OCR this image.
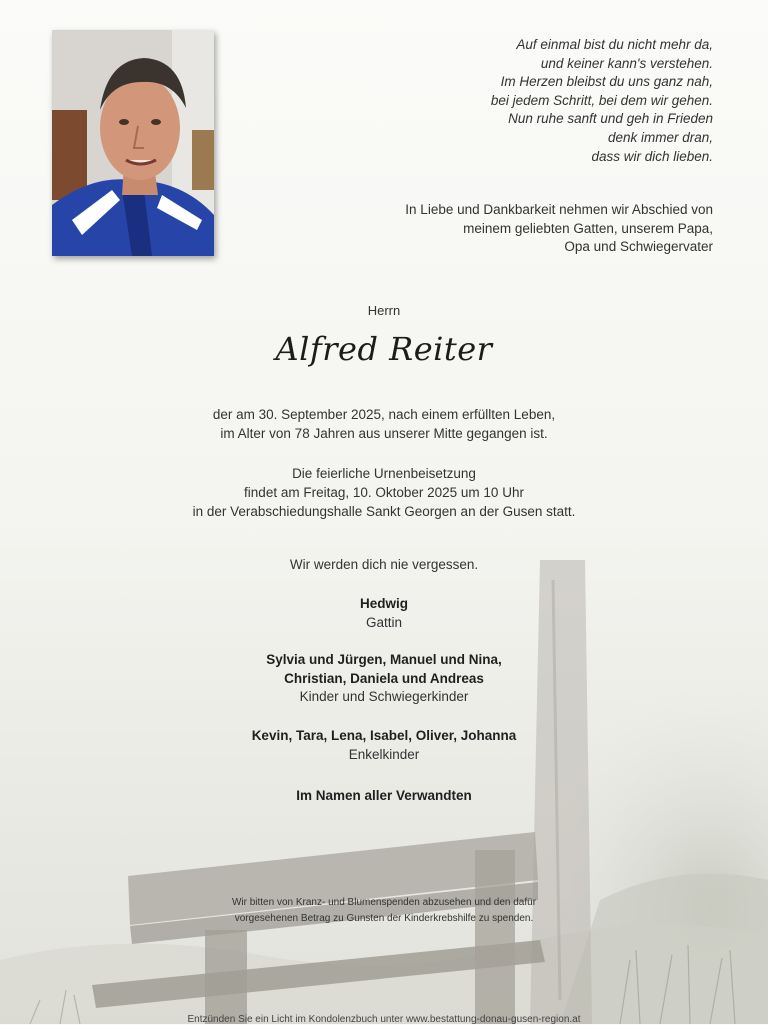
Auf einmal bist du nicht mehr da,
und keiner kann's verstehen.
Im Herzen bleibst du uns ganz nah,
bei jedem Schritt, bei dem wir gehen.
Nun ruhe sanft und geh in Frieden
denk immer dran,
dass wir dich lieben.
In Liebe und Dankbarkeit nehmen wir Abschied von
meinem geliebten Gatten, unserem Papa,
Opa und Schwiegervater
Herrn
Alfred Reiter
der am 30. September 2025, nach einem erfüllten Leben,
im Alter von 78 Jahren aus unserer Mitte gegangen ist.
Die feierliche Urnenbeisetzung
findet am Freitag, 10. Oktober 2025 um 10 Uhr
in der Verabschiedungshalle Sankt Georgen an der Gusen statt.
Wir werden dich nie vergessen.
Hedwig
Gattin
Sylvia und Jürgen, Manuel und Nina,
Christian, Daniela und Andreas
Kinder und Schwiegerkinder
Kevin, Tara, Lena, Isabel, Oliver, Johanna
Enkelkinder
Im Namen aller Verwandten
Wir bitten von Kranz- und Blumenspenden abzusehen und den dafür
vorgesehenen Betrag zu Gunsten der Kinderkrebshilfe zu spenden.
Entzünden Sie ein Licht im Kondolenzbuch unter www.bestattung-donau-gusen-region.at
